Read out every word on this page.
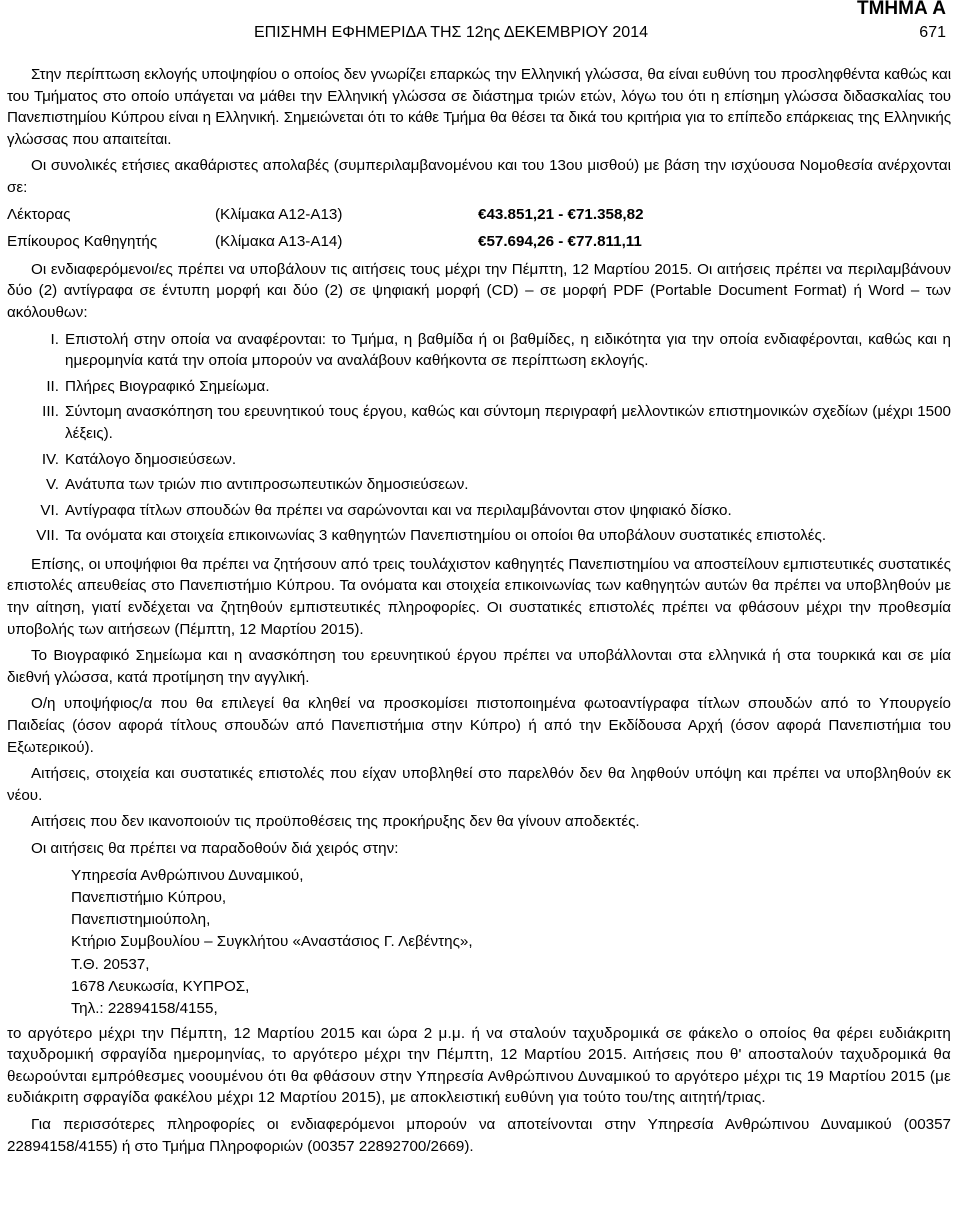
ΤΜΗΜΑ Α
ΕΠΙΣΗΜΗ ΕΦΗΜΕΡΙΔΑ ΤΗΣ 12ης ΔΕΚΕΜΒΡΙΟΥ 2014	671

Στην περίπτωση εκλογής υποψηφίου ο οποίος δεν γνωρίζει επαρκώς την Ελληνική γλώσσα, θα είναι ευθύνη του προσληφθέντα καθώς και του Τμήματος στο οποίο υπάγεται να μάθει την Ελληνική γλώσσα σε διάστημα τριών ετών, λόγω του ότι η επίσημη γλώσσα διδασκαλίας του Πανεπιστημίου Κύπρου είναι η Ελληνική. Σημειώνεται ότι το κάθε Τμήμα θα θέσει τα δικά του κριτήρια για το επίπεδο επάρκειας της Ελληνικής γλώσσας που απαιτείται.

Οι συνολικές ετήσιες ακαθάριστες απολαβές (συμπεριλαμβανομένου και του 13ου μισθού) με βάση την ισχύουσα Νομοθεσία ανέρχονται σε:

Λέκτορας	(Κλίμακα Α12-Α13)	€43.851,21 - €71.358,82
Επίκουρος Καθηγητής	(Κλίμακα Α13-Α14)	€57.694,26 - €77.811,11

Οι ενδιαφερόμενοι/ες πρέπει να υποβάλουν τις αιτήσεις τους μέχρι την Πέμπτη, 12 Μαρτίου 2015. Οι αιτήσεις πρέπει να περιλαμβάνουν δύο (2) αντίγραφα σε έντυπη μορφή και δύο (2) σε ψηφιακή μορφή (CD) – σε μορφή PDF (Portable Document Format) ή Word – των ακόλουθων:

I. Επιστολή στην οποία να αναφέρονται: το Τμήμα, η βαθμίδα ή οι βαθμίδες, η ειδικότητα για την οποία ενδιαφέρονται, καθώς και η ημερομηνία κατά την οποία μπορούν να αναλάβουν καθήκοντα σε περίπτωση εκλογής.
II. Πλήρες Βιογραφικό Σημείωμα.
III. Σύντομη ανασκόπηση του ερευνητικού τους έργου, καθώς και σύντομη περιγραφή μελλοντικών επιστημονικών σχεδίων (μέχρι 1500 λέξεις).
IV. Κατάλογο δημοσιεύσεων.
V. Ανάτυπα των τριών πιο αντιπροσωπευτικών δημοσιεύσεων.
VI. Αντίγραφα τίτλων σπουδών θα πρέπει να σαρώνονται και να περιλαμβάνονται στον ψηφιακό δίσκο.
VII. Τα ονόματα και στοιχεία επικοινωνίας 3 καθηγητών Πανεπιστημίου οι οποίοι θα υποβάλουν συστατικές επιστολές.

Επίσης, οι υποψήφιοι θα πρέπει να ζητήσουν από τρεις τουλάχιστον καθηγητές Πανεπιστημίου να αποστείλουν εμπιστευτικές συστατικές επιστολές απευθείας στο Πανεπιστήμιο Κύπρου. Τα ονόματα και στοιχεία επικοινωνίας των καθηγητών αυτών θα πρέπει να υποβληθούν με την αίτηση, γιατί ενδέχεται να ζητηθούν εμπιστευτικές πληροφορίες. Οι συστατικές επιστολές πρέπει να φθάσουν μέχρι την προθεσμία υποβολής των αιτήσεων (Πέμπτη, 12 Μαρτίου 2015).

Το Βιογραφικό Σημείωμα και η ανασκόπηση του ερευνητικού έργου πρέπει να υποβάλλονται στα ελληνικά ή στα τουρκικά και σε μία διεθνή γλώσσα, κατά προτίμηση την αγγλική.

Ο/η υποψήφιος/α που θα επιλεγεί θα κληθεί να προσκομίσει πιστοποιημένα φωτοαντίγραφα τίτλων σπουδών από το Υπουργείο Παιδείας (όσον αφορά τίτλους σπουδών από Πανεπιστήμια στην Κύπρο) ή από την Εκδίδουσα Αρχή (όσον αφορά Πανεπιστήμια του Εξωτερικού).

Αιτήσεις, στοιχεία και συστατικές επιστολές που είχαν υποβληθεί στο παρελθόν δεν θα ληφθούν υπόψη και πρέπει να υποβληθούν εκ νέου.

Αιτήσεις που δεν ικανοποιούν τις προϋποθέσεις της προκήρυξης δεν θα γίνουν αποδεκτές.

Οι αιτήσεις θα πρέπει να παραδοθούν διά χειρός στην:

Υπηρεσία Ανθρώπινου Δυναμικού,
Πανεπιστήμιο Κύπρου,
Πανεπιστημιούπολη,
Κτήριο Συμβουλίου – Συγκλήτου «Αναστάσιος Γ. Λεβέντης»,
Τ.Θ. 20537,
1678 Λευκωσία, ΚΥΠΡΟΣ,
Τηλ.: 22894158/4155,

το αργότερο μέχρι την Πέμπτη, 12 Μαρτίου 2015 και ώρα 2 μ.μ. ή να σταλούν ταχυδρομικά σε φάκελο ο οποίος θα φέρει ευδιάκριτη ταχυδρομική σφραγίδα ημερομηνίας, το αργότερο μέχρι την Πέμπτη, 12 Μαρτίου 2015. Αιτήσεις που θ' αποσταλούν ταχυδρομικά θα θεωρούνται εμπρόθεσμες νοουμένου ότι θα φθάσουν στην Υπηρεσία Ανθρώπινου Δυναμικού το αργότερο μέχρι τις 19 Μαρτίου 2015 (με ευδιάκριτη σφραγίδα φακέλου μέχρι 12 Μαρτίου 2015), με αποκλειστική ευθύνη για τούτο του/της αιτητή/τριας.

Για περισσότερες πληροφορίες οι ενδιαφερόμενοι μπορούν να αποτείνονται στην Υπηρεσία Ανθρώπινου Δυναμικού (00357 22894158/4155) ή στο Τμήμα Πληροφοριών (00357 22892700/2669).
